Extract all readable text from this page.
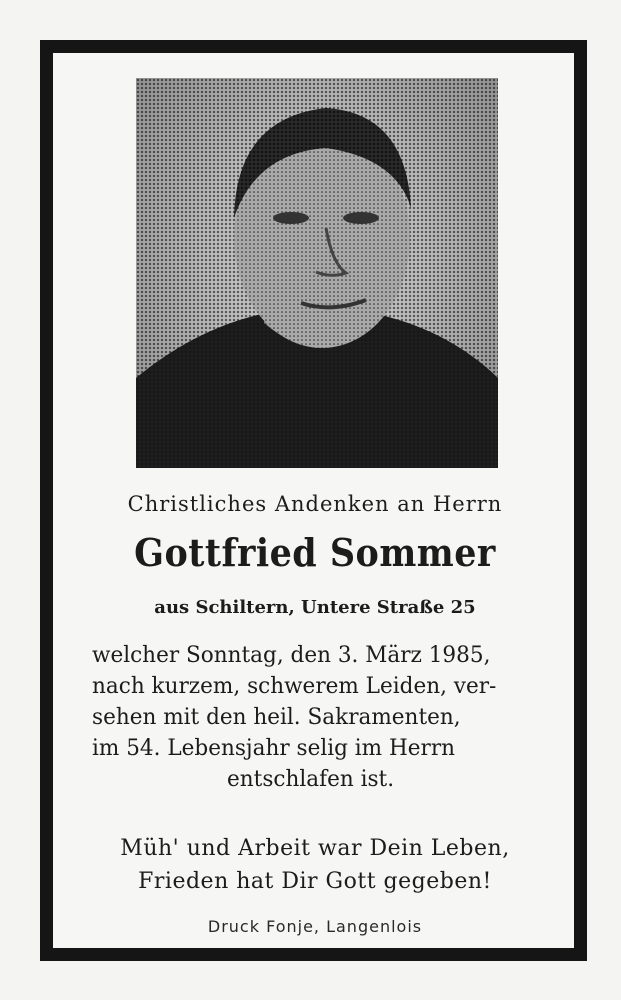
Christliches Andenken an Herrn
Gottfried Sommer
aus Schiltern, Untere Straße 25
welcher Sonntag, den 3. März 1985,
nach kurzem, schwerem Leiden, ver-
sehen mit den heil. Sakramenten,
im 54. Lebensjahr selig im Herrn
entschlafen ist.
Müh' und Arbeit war Dein Leben,
Frieden hat Dir Gott gegeben!
Druck Fonje, Langenlois
